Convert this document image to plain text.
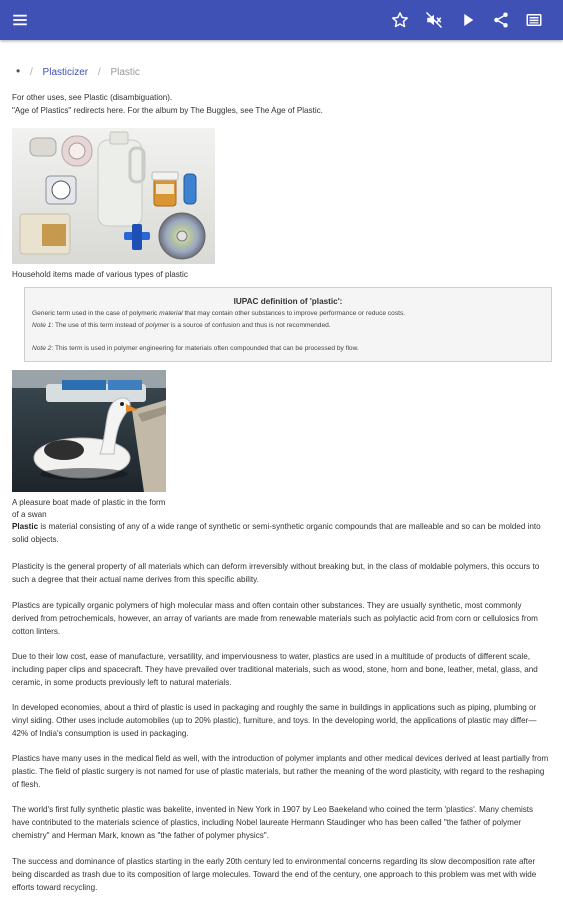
• / Plasticizer / Plastic
For other uses, see Plastic (disambiguation).
"Age of Plastics" redirects here. For the album by The Buggles, see The Age of Plastic.
Household items made of various types of plastic
IUPAC definition of 'plastic':
Generic term used in the case of polymeric material that may contain other substances to improve performance or reduce costs.
Note 1: The use of this term instead of polymer is a source of confusion and thus is not recommended.
Note 2: This term is used in polymer engineering for materials often compounded that can be processed by flow.
A pleasure boat made of plastic in the form of a swan
Plastic is material consisting of any of a wide range of synthetic or semi-synthetic organic compounds that are malleable and so can be molded into solid objects.
Plasticity is the general property of all materials which can deform irreversibly without breaking but, in the class of moldable polymers, this occurs to such a degree that their actual name derives from this specific ability.
Plastics are typically organic polymers of high molecular mass and often contain other substances. They are usually synthetic, most commonly derived from petrochemicals, however, an array of variants are made from renewable materials such as polylactic acid from corn or cellulosics from cotton linters.
Due to their low cost, ease of manufacture, versatility, and imperviousness to water, plastics are used in a multitude of products of different scale, including paper clips and spacecraft. They have prevailed over traditional materials, such as wood, stone, horn and bone, leather, metal, glass, and ceramic, in some products previously left to natural materials.
In developed economies, about a third of plastic is used in packaging and roughly the same in buildings in applications such as piping, plumbing or vinyl siding. Other uses include automobiles (up to 20% plastic), furniture, and toys. In the developing world, the applications of plastic may differ—42% of India's consumption is used in packaging.
Plastics have many uses in the medical field as well, with the introduction of polymer implants and other medical devices derived at least partially from plastic. The field of plastic surgery is not named for use of plastic materials, but rather the meaning of the word plasticity, with regard to the reshaping of flesh.
The world's first fully synthetic plastic was bakelite, invented in New York in 1907 by Leo Baekeland who coined the term 'plastics'. Many chemists have contributed to the materials science of plastics, including Nobel laureate Hermann Staudinger who has been called "the father of polymer chemistry" and Herman Mark, known as "the father of polymer physics".
The success and dominance of plastics starting in the early 20th century led to environmental concerns regarding its slow decomposition rate after being discarded as trash due to its composition of large molecules. Toward the end of the century, one approach to this problem was met with wide efforts toward recycling.
